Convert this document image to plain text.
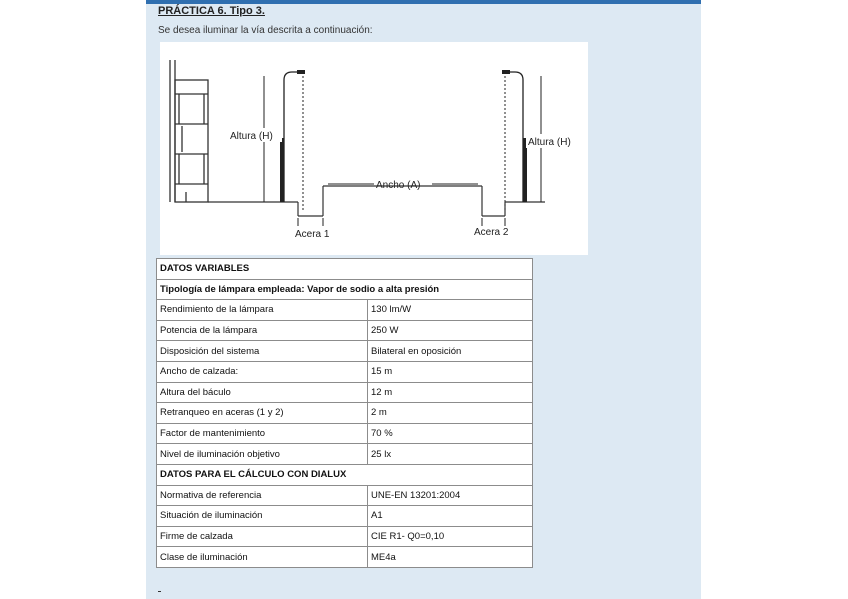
PRÁCTICA 6. Tipo 3.
Se desea iluminar la vía descrita a continuación:
Altura (H)
Altura (H)
Ancho (A)
Acera 1	Acera 2
DATOS VARIABLES	
Tipología de lámpara empleada: Vapor de sodio a alta presión	
Rendimiento de la lámpara	130 lm/W
Potencia de la lámpara	250 W
Disposición del sistema	Bilateral en oposición
Ancho de calzada:	15 m
Altura del báculo	12 m
Retranqueo en aceras (1 y 2)	2 m
Factor de mantenimiento	70 %
Nivel de iluminación objetivo	25 lx
DATOS PARA EL CÁLCULO CON DIALUX	
Normativa de referencia	UNE-EN 13201:2004
Situación de iluminación	A1
Firme de calzada	CIE R1- Q0=0,10
Clase de iluminación	ME4a
